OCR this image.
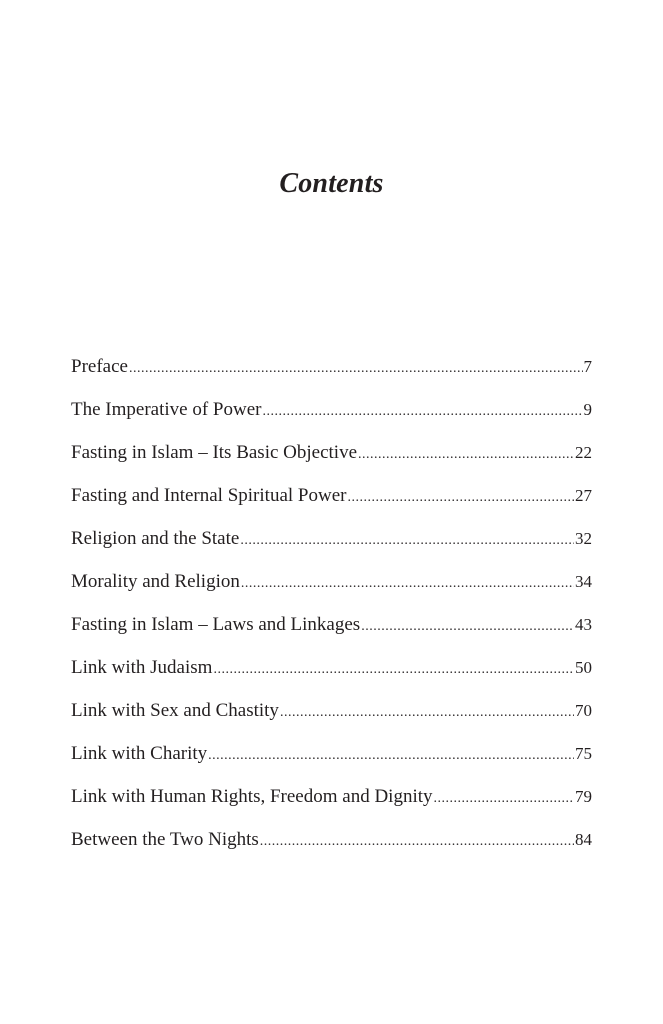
Contents
Preface .....	7
The Imperative of Power .....	9
Fasting in Islam – Its Basic Objective .....	22
Fasting and Internal Spiritual Power .....	27
Religion and the State .....	32
Morality and Religion .....	34
Fasting in Islam – Laws and Linkages .....	43
Link with Judaism .....	50
Link with Sex and Chastity .....	70
Link with Charity .....	75
Link with Human Rights, Freedom and Dignity .....	79
Between the Two Nights .....	84
